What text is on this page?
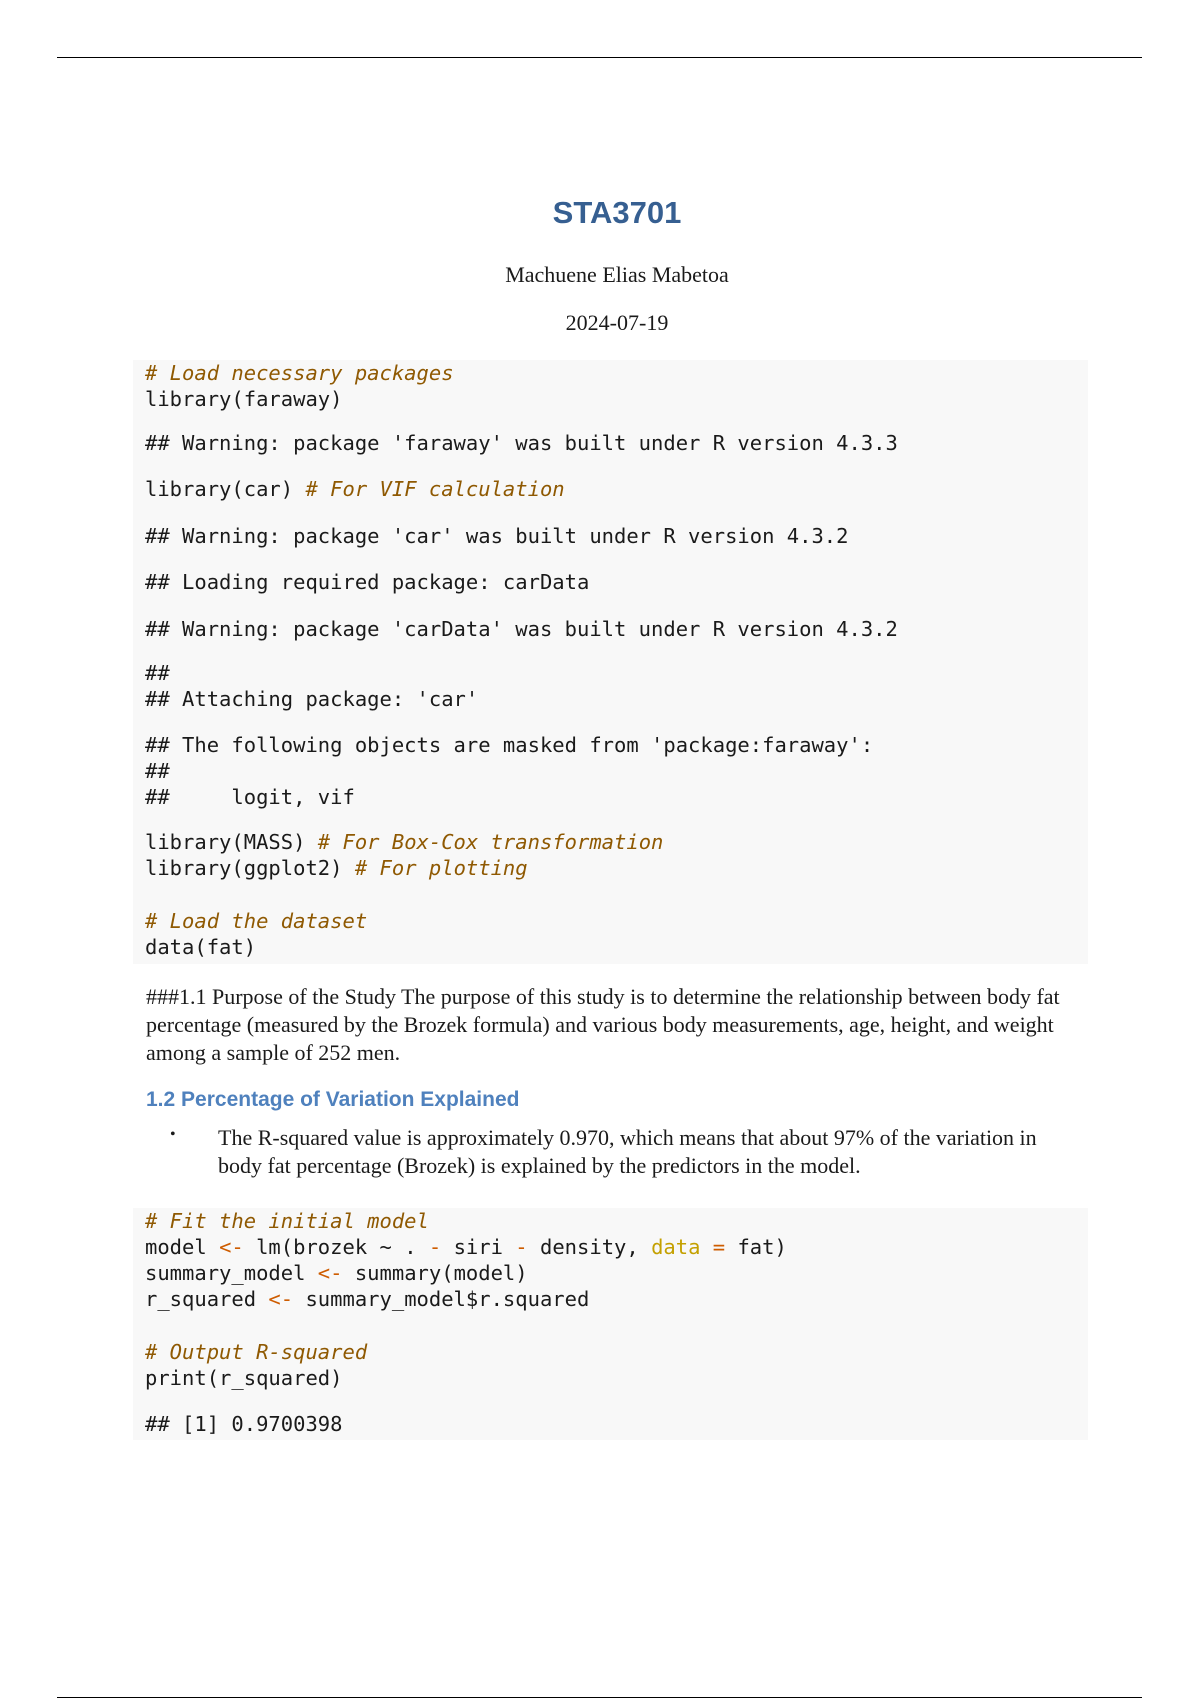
STA3701
Machuene Elias Mabetoa
2024-07-19
# Load necessary packages
library(faraway)
## Warning: package 'faraway' was built under R version 4.3.3
library(car) # For VIF calculation
## Warning: package 'car' was built under R version 4.3.2
## Loading required package: carData
## Warning: package 'carData' was built under R version 4.3.2
##
## Attaching package: 'car'
## The following objects are masked from 'package:faraway':
##
##     logit, vif
library(MASS) # For Box-Cox transformation
library(ggplot2) # For plotting
# Load the dataset
data(fat)
###1.1 Purpose of the Study The purpose of this study is to determine the relationship between body fat percentage (measured by the Brozek formula) and various body measurements, age, height, and weight among a sample of 252 men.
1.2 Percentage of Variation Explained
• The R-squared value is approximately 0.970, which means that about 97% of the variation in body fat percentage (Brozek) is explained by the predictors in the model.
# Fit the initial model
model <- lm(brozek ~ . - siri - density, data = fat)
summary_model <- summary(model)
r_squared <- summary_model$r.squared
# Output R-squared
print(r_squared)
## [1] 0.9700398
